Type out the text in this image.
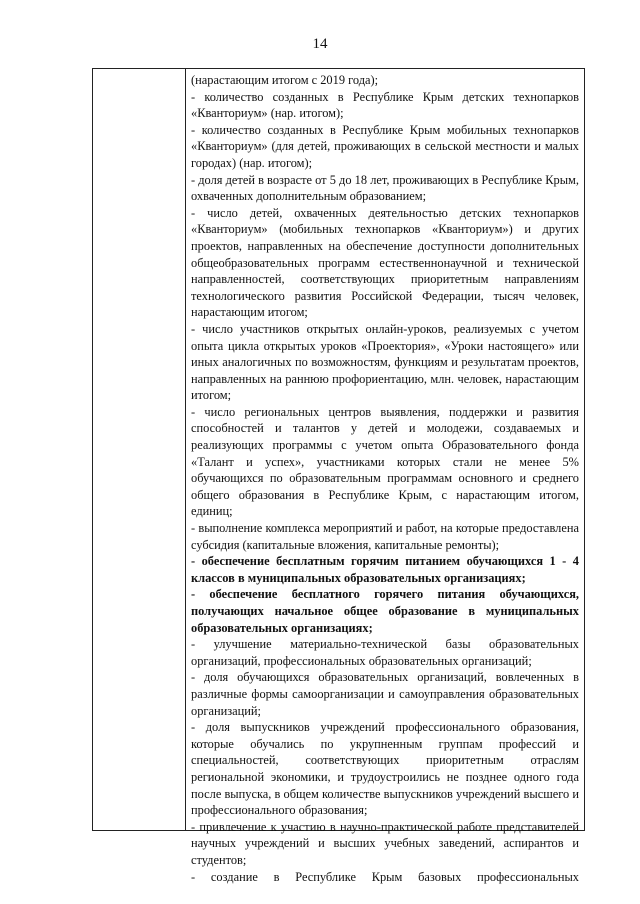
14

(нарастающим итогом с 2019 года);

- количество созданных в Республике Крым детских технопарков «Кванториум» (нар. итогом);

- количество созданных в Республике Крым мобильных технопарков «Кванториум» (для детей, проживающих в сельской местности и малых городах) (нар. итогом);

- доля детей в возрасте от 5 до 18 лет, проживающих в Республике Крым, охваченных дополнительным образованием;

- число детей, охваченных деятельностью детских технопарков «Кванториум» (мобильных технопарков «Кванториум») и других проектов, направленных на обеспечение доступности дополнительных общеобразовательных программ естественнонаучной и технической направленностей, соответствующих приоритетным направлениям технологического развития Российской Федерации, тысяч человек, нарастающим итогом;

- число участников открытых онлайн-уроков, реализуемых с учетом опыта цикла открытых уроков «Проектория», «Уроки настоящего» или иных аналогичных по возможностям, функциям и результатам проектов, направленных на раннюю профориентацию, млн. человек, нарастающим итогом;

- число региональных центров выявления, поддержки и развития способностей и талантов у детей и молодежи, создаваемых и реализующих программы с учетом опыта Образовательного фонда «Талант и успех», участниками которых стали не менее 5% обучающихся по образовательным программам основного и среднего общего образования в Республике Крым, с нарастающим итогом, единиц;

- выполнение комплекса мероприятий и работ, на которые предоставлена субсидия (капитальные вложения, капитальные ремонты);

- обеспечение бесплатным горячим питанием обучающихся 1 - 4 классов в муниципальных образовательных организациях;

- обеспечение бесплатного горячего питания обучающихся, получающих начальное общее образование в муниципальных образовательных организациях;

- улучшение материально-технической базы образовательных организаций, профессиональных образовательных организаций;

- доля обучающихся образовательных организаций, вовлеченных в различные формы самоорганизации и самоуправления образовательных организаций;

- доля выпускников учреждений профессионального образования, которые обучались по укрупненным группам профессий и специальностей, соответствующих приоритетным отраслям региональной экономики, и трудоустроились не позднее одного года после выпуска, в общем количестве выпускников учреждений высшего и профессионального образования;

- привлечение к участию в научно-практической работе представителей научных учреждений и высших учебных заведений, аспирантов и студентов;

- создание в Республике Крым базовых профессиональных
